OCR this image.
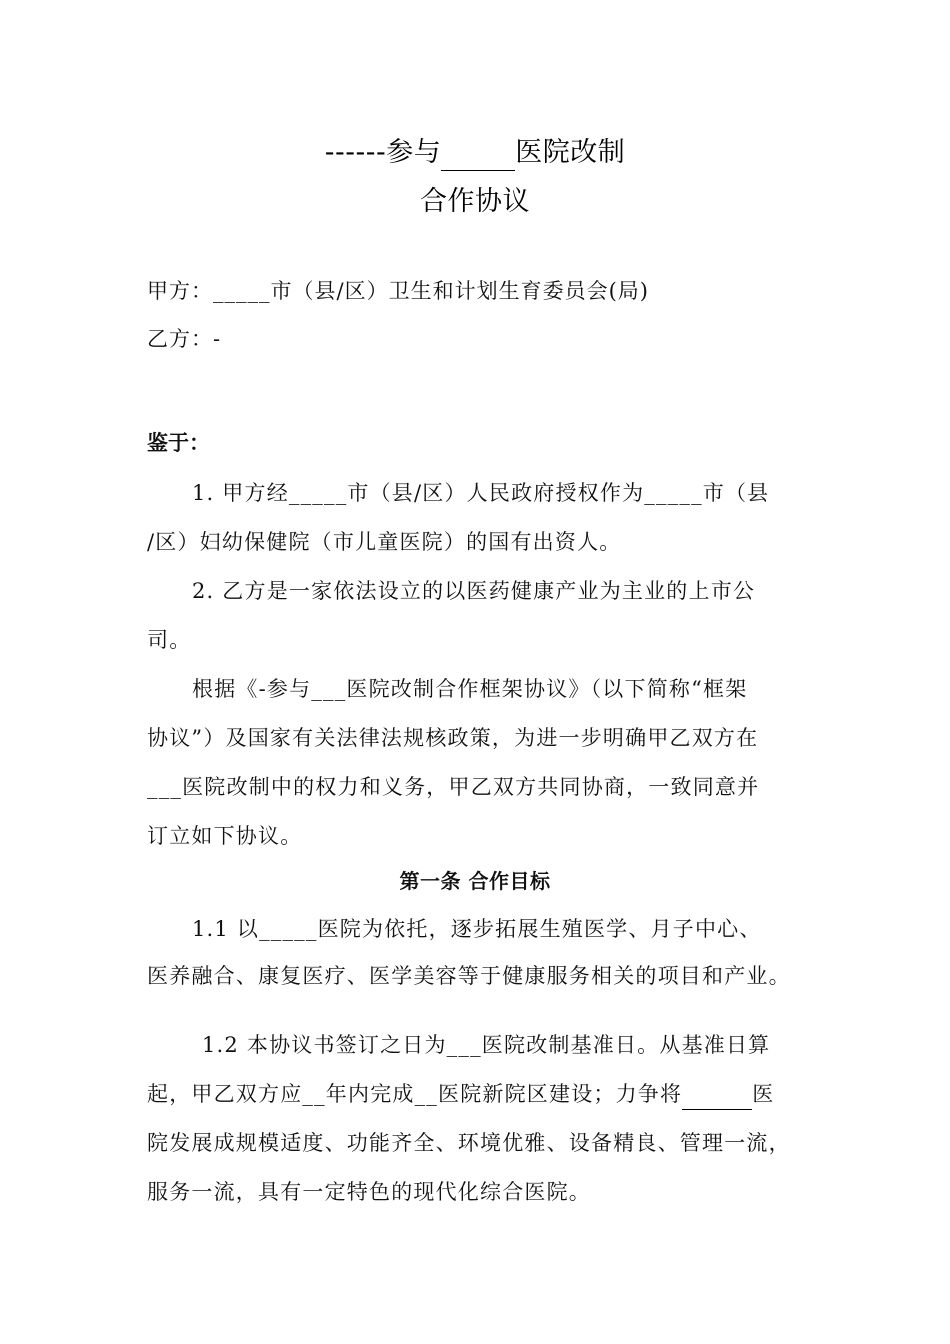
------参与	医院改制
合作协议
甲方：_____市（县/区）卫生和计划生育委员会(局)
乙方：-
鉴于：
1. 甲方经_____市（县/区）人民政府授权作为_____市（县
/区）妇幼保健院（市儿童医院）的国有出资人。
2. 乙方是一家依法设立的以医药健康产业为主业的上市公
司。
根据《-参与___医院改制合作框架协议》（以下简称“框架
协议”）及国家有关法律法规核政策，为进一步明确甲乙双方在
___医院改制中的权力和义务，甲乙双方共同协商，一致同意并
订立如下协议。
第一条 合作目标
1.1 以_____医院为依托，逐步拓展生殖医学、月子中心、
医养融合、康复医疗、医学美容等于健康服务相关的项目和产业。
1.2 本协议书签订之日为___医院改制基准日。从基准日算
起，甲乙双方应__年内完成__医院新院区建设；力争将	医
院发展成规模适度、功能齐全、环境优雅、设备精良、管理一流，
服务一流，具有一定特色的现代化综合医院。
